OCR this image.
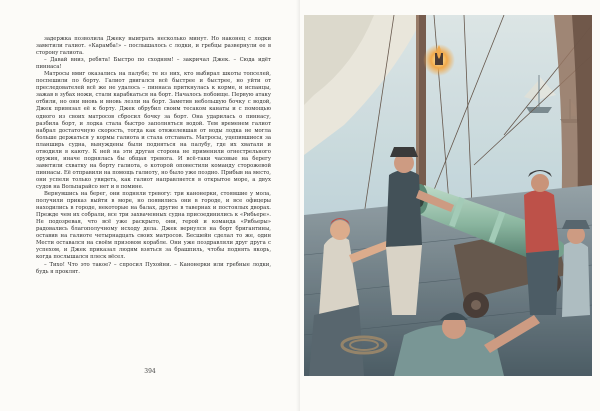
задержка позволила Джеку выиграть несколько минут. Но наконец с лодки заметили галиот. «Карамба!» – послышалось с лодки, и гребцы развернули ее в сторону галиота.

– Давай вниз, ребята! Быстро по сходням! – закричал Джек. – Сюда идёт пиннаса!

Матросы вмиг оказались на палубе; те из них, кто выбирал шкоты топселей, поспешили по борту. Галиот двигался всё быстрее и быстрее, но уйти от преследователей всё же не удалось – пиннаса приткнулась к корме, и испанцы, зажав в зубах ножи, стали карабкаться на борт. Началось побоище. Первую атаку отбили, но они вновь и вновь лезли на борт. Заметив небольшую бочку с водой, Джек привязал её к борту. Джек обрубил своим тесаком канаты и с помощью одного из своих матросов сбросил бочку за борт. Она ударилась о пиннасу, разбила борт, и лодка стала быстро заполняться водой. Тем временем галиот набрал достаточную скорость, тогда как отяжелевшая от воды лодка не могла больше держаться у кормы галиота и стала отставать. Матросы, уцепившиеся за планширь судна, вынуждены были подняться на палубу, где их хватали и отводили в каюту. К ней на эти другая сторона не применили огнестрельного оружия, иначе поднялась бы общая тревога. И всё-таки часовые на берегу заметили схватку на борту галиота, о которой оповестили команду сторожевой пиннасы. Её отправили на помощь галиоту, но было уже поздно. Прибыв на место, они успели только увидеть, как галиот направляется в открытое море, а двух судов на Вольпарайсо нет и в помине.

Вернувшись на берег, они подняли тревогу: три канонерки, стоявшие у мола, получили приказ выйти в море, но появились они в городе, и все офицеры находились в городе, некоторые на балах, другие в тавернах и постоялых дворах. Прежде чем их собрали, все три захваченных судна присоединились к «Рибьере». Не подозревая, что всё уже раскрыто, они, герой и команда «Рибьеры» радовались благополучному исходу дела. Джек вернулся на борт бригантины, оставив на галиоте четырнадцать своих матросов. Бесшейн сделал то же, один Мести оставался на своём призовом корабле. Они уже поздравляли друг друга с успехом, и Джек приказал людям взяться за брашпиль, чтобы поднять якорь, когда послышался плеск вёсел.

– Тихо! Что это такое? – спросил Пухойни. – Канонерки или гребные лодки, будь я проклят.

394
